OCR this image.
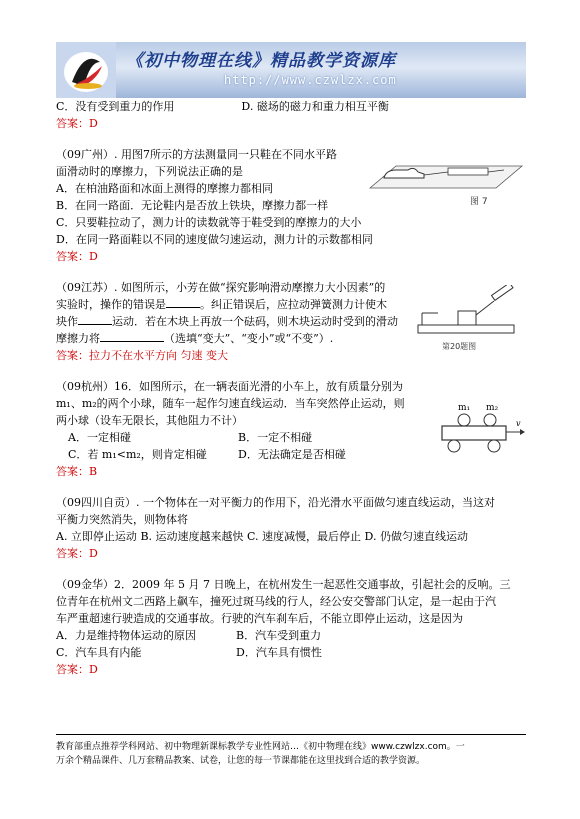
《初中物理在线》精品教学资源库
http://www.czwlzx.com
C．没有受到重力的作用	D. 磁场的磁力和重力相互平衡
答案：D
（09广州）. 用图7所示的方法测量同一只鞋在不同水平路
面滑动时的摩擦力，下列说法正确的是
A．在柏油路面和冰面上测得的摩擦力都相同
B．在同一路面．无论鞋内是否放上铁块，摩擦力都一样
C．只要鞋拉动了，测力计的读数就等于鞋受到的摩擦力的大小
D．在同一路面鞋以不同的速度做匀速运动，测力计的示数都相同
答案：D
（09江苏）. 如图所示，小芳在做“探究影响滑动摩擦力大小因素”的
实验时，操作的错误是	。纠正错误后，应拉动弹簧测力计使木
块作	运动．若在木块上再放一个砝码，则木块运动时受到的滑动
摩擦力将	（选填“变大”、“变小”或“不变”）.
答案：拉力不在水平方向 匀速 变大
（09杭州）16．如图所示，在一辆表面光滑的小车上，放有质量分别为
m₁、m₂的两个小球，随车一起作匀速直线运动．当车突然停止运动，则
两小球（设车无限长，其他阻力不计）
A．一定相碰	B．一定不相碰
C．若 m₁<m₂，则肯定相碰	D．无法确定是否相碰
答案：B
（09四川自贡）. 一个物体在一对平衡力的作用下，沿光滑水平面做匀速直线运动，当这对
平衡力突然消失，则物体将
A. 立即停止运动 B. 运动速度越来越快 C. 速度减慢，最后停止 D. 仍做匀速直线运动
答案：D
（09金华）2．2009 年 5 月 7 日晚上，在杭州发生一起恶性交通事故，引起社会的反响。三
位青年在杭州文二西路上飙车，撞死过斑马线的行人，经公安交警部门认定，是一起由于汽
车严重超速行驶造成的交通事故。行驶的汽车刹车后，不能立即停止运动，这是因为
A．力是维持物体运动的原因	B．汽车受到重力
C．汽车具有内能	D．汽车具有惯性
答案：D
图 7
第20题图
m₁ m₂
v
教育部重点推荐学科网站、初中物理新课标教学专业性网站…《初中物理在线》www.czwlzx.com。一
万余个精品课件、几万套精品教案、试卷，让您的每一节课都能在这里找到合适的教学资源。
